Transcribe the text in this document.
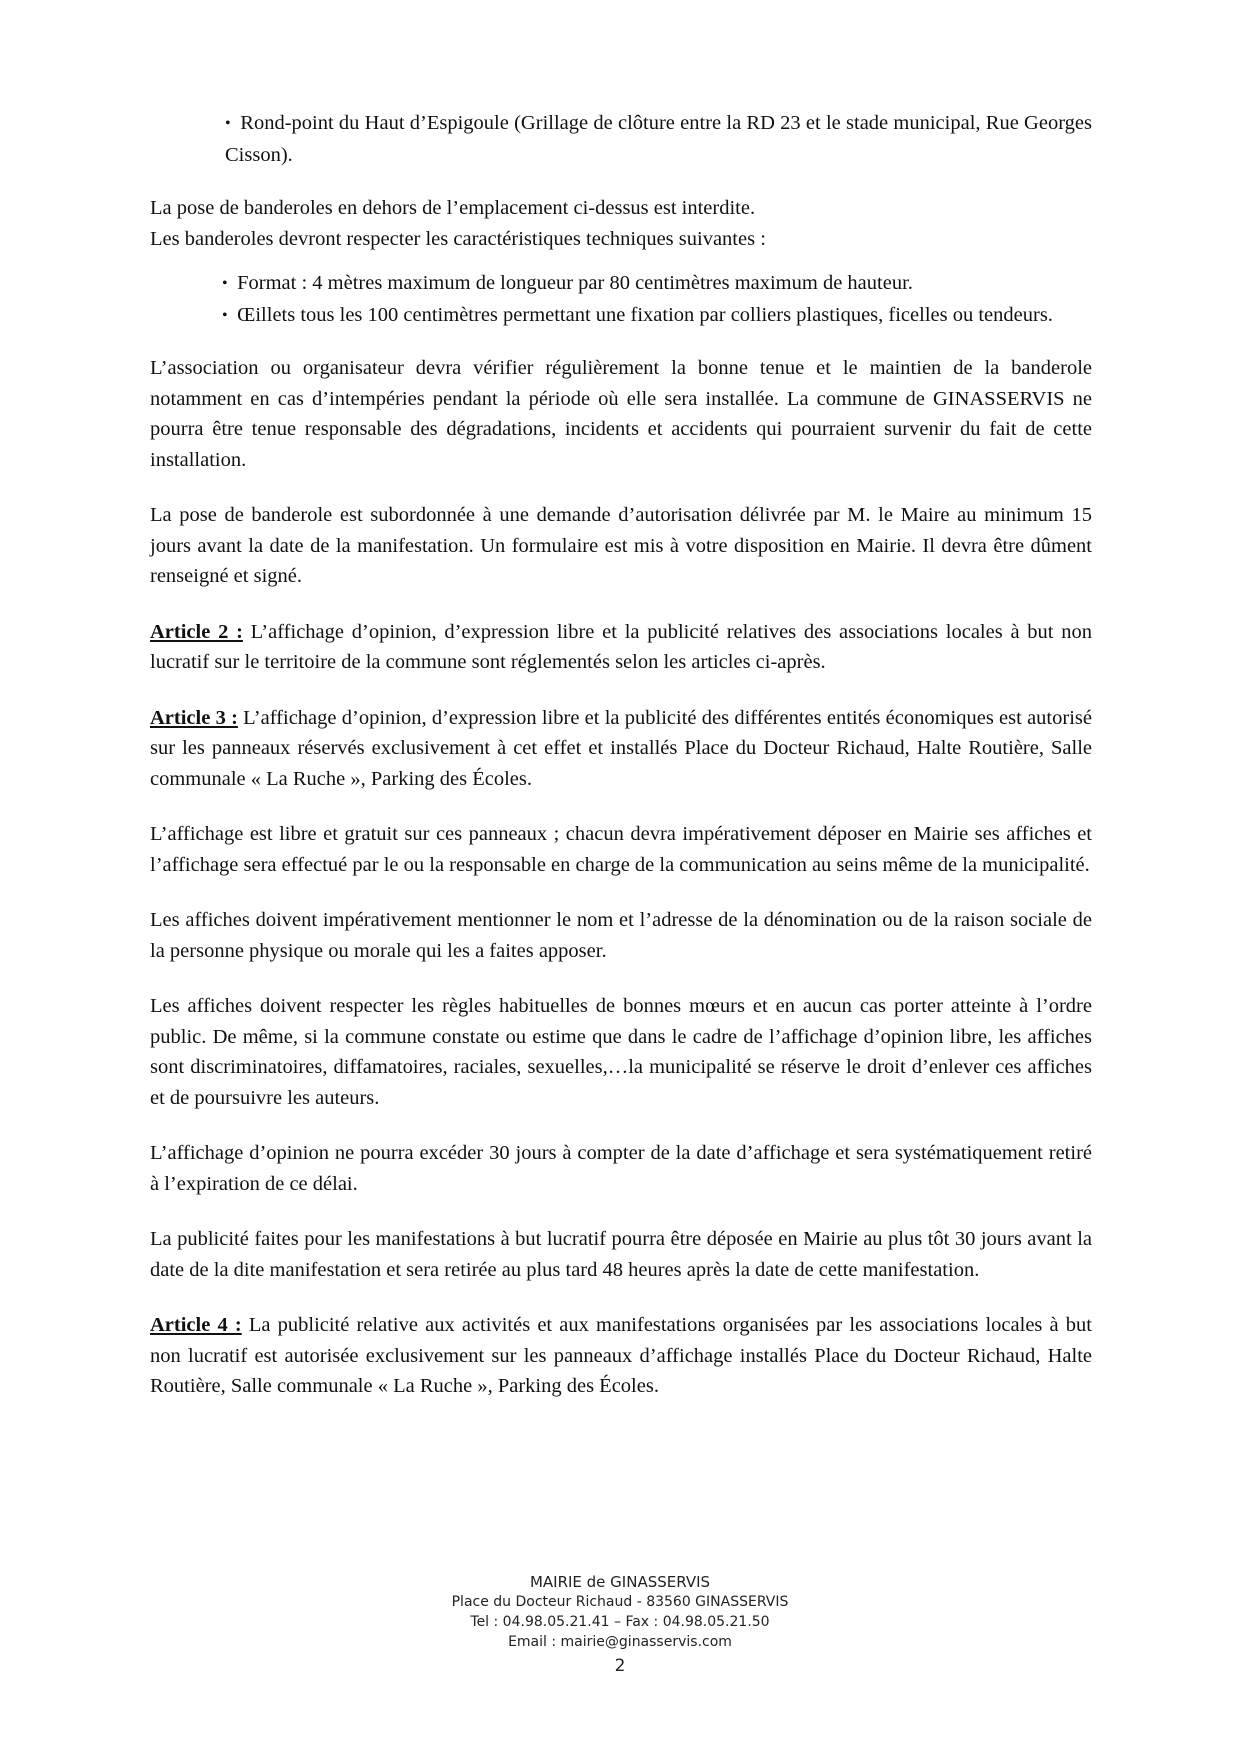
• Rond-point du Haut d’Espigoule (Grillage de clôture entre la RD 23 et le stade municipal, Rue Georges Cisson).

La pose de banderoles en dehors de l’emplacement ci-dessus est interdite.

Les banderoles devront respecter les caractéristiques techniques suivantes :

• Format : 4 mètres maximum de longueur par 80 centimètres maximum de hauteur.
• Œillets tous les 100 centimètres permettant une fixation par colliers plastiques, ficelles ou tendeurs.

L’association ou organisateur devra vérifier régulièrement la bonne tenue et le maintien de la banderole notamment en cas d’intempéries pendant la période où elle sera installée. La commune de GINASSERVIS ne pourra être tenue responsable des dégradations, incidents et accidents qui pourraient survenir du fait de cette installation.

La pose de banderole est subordonnée à une demande d’autorisation délivrée par M. le Maire au minimum 15 jours avant la date de la manifestation. Un formulaire est mis à votre disposition en Mairie. Il devra être dûment renseigné et signé.

Article 2 : L’affichage d’opinion, d’expression libre et la publicité relatives des associations locales à but non lucratif sur le territoire de la commune sont réglementés selon les articles ci-après.

Article 3 : L’affichage d’opinion, d’expression libre et la publicité des différentes entités économiques est autorisé sur les panneaux réservés exclusivement à cet effet et installés Place du Docteur Richaud, Halte Routière, Salle communale « La Ruche », Parking des Écoles.

L’affichage est libre et gratuit sur ces panneaux ; chacun devra impérativement déposer en Mairie ses affiches et l’affichage sera effectué par le ou la responsable en charge de la communication au seins même de la municipalité.

Les affiches doivent impérativement mentionner le nom et l’adresse de la dénomination ou de la raison sociale de la personne physique ou morale qui les a faites apposer.

Les affiches doivent respecter les règles habituelles de bonnes mœurs et en aucun cas porter atteinte à l’ordre public. De même, si la commune constate ou estime que dans le cadre de l’affichage d’opinion libre, les affiches sont discriminatoires, diffamatoires, raciales, sexuelles,…la municipalité se réserve le droit d’enlever ces affiches et de poursuivre les auteurs.

L’affichage d’opinion ne pourra excéder 30 jours à compter de la date d’affichage et sera systématiquement retiré à l’expiration de ce délai.

La publicité faites pour les manifestations à but lucratif pourra être déposée en Mairie au plus tôt 30 jours avant la date de la dite manifestation et sera retirée au plus tard 48 heures après la date de cette manifestation.

Article 4 : La publicité relative aux activités et aux manifestations organisées par les associations locales à but non lucratif est autorisée exclusivement sur les panneaux d’affichage installés Place du Docteur Richaud, Halte Routière, Salle communale « La Ruche », Parking des Écoles.

MAIRIE de GINASSERVIS
Place du Docteur Richaud - 83560 GINASSERVIS
Tel : 04.98.05.21.41 – Fax : 04.98.05.21.50
Email : mairie@ginasservis.com
2
